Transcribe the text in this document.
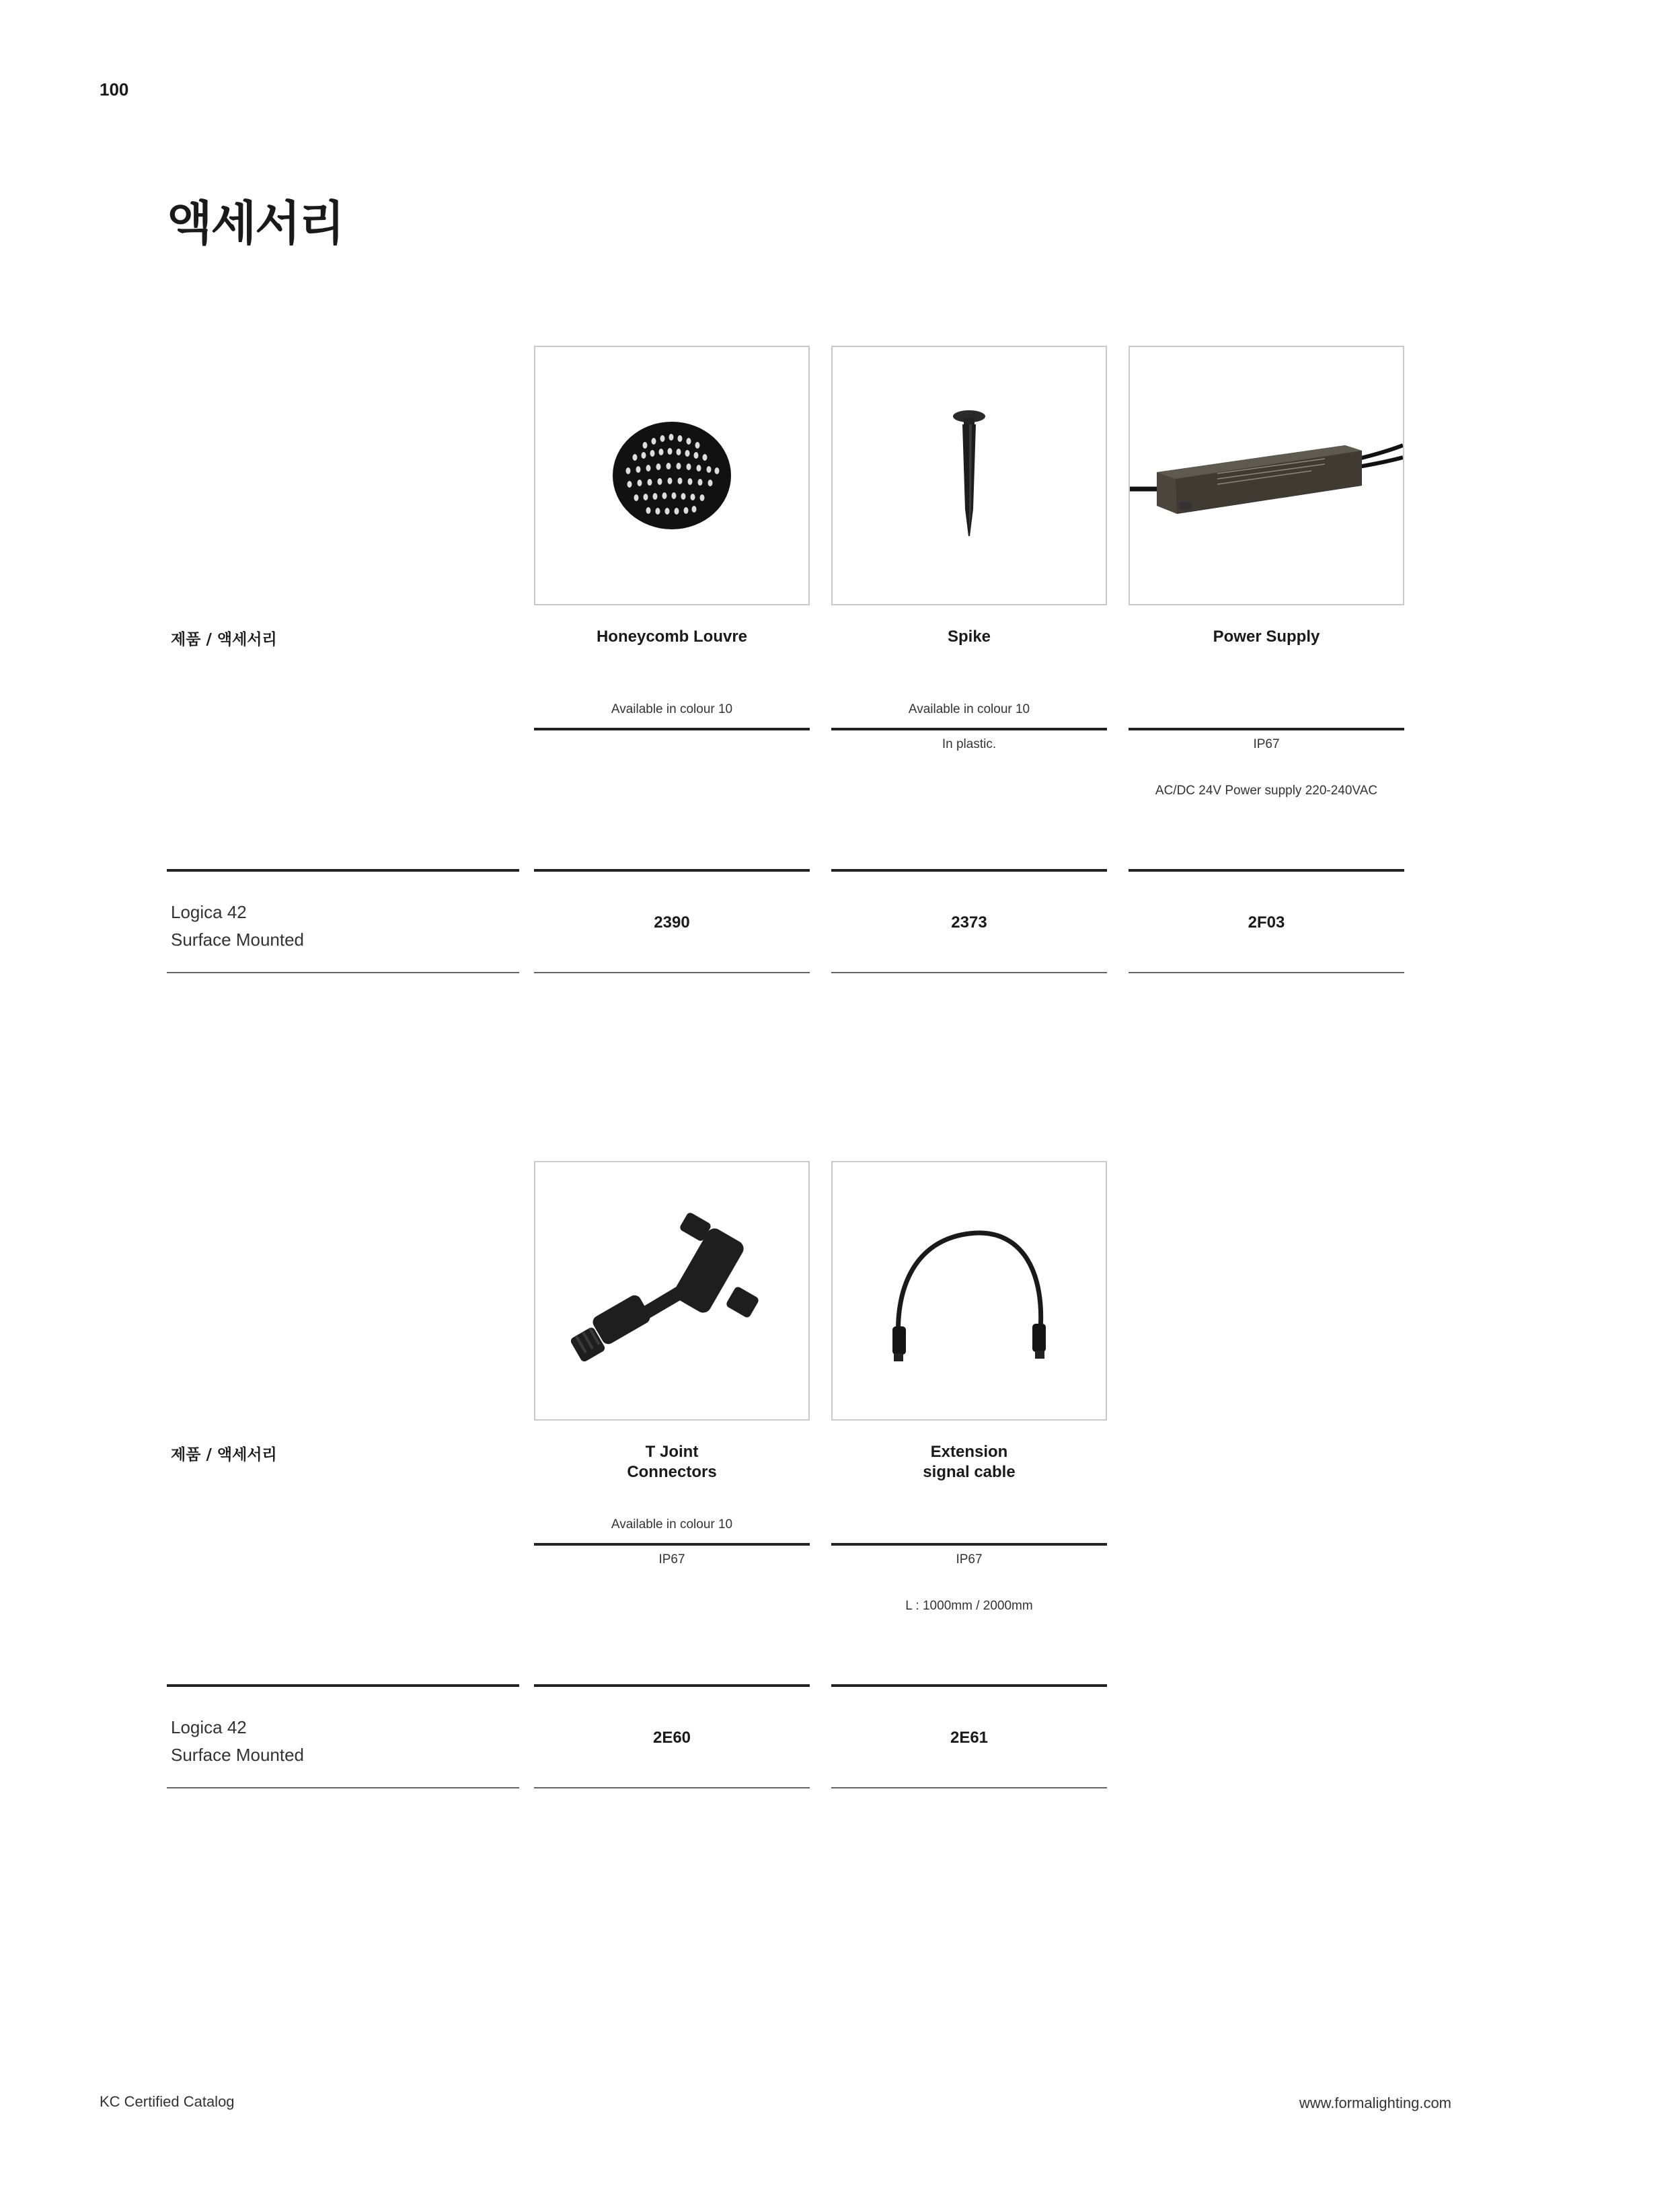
100
액세서리
제품 / 액세서리
Logica 42
Surface Mounted
Honeycomb Louvre
Available in colour 10
2390
Spike
Available in colour 10
In plastic.
2373
Power Supply
IP67
AC/DC 24V Power supply 220-240VAC
2F03
제품 / 액세서리
Logica 42
Surface Mounted
T Joint
Connectors
Available in colour 10
IP67
2E60
Extension
signal cable
IP67
L : 1000mm / 2000mm
2E61
KC Certified Catalog	www.formalighting.com
